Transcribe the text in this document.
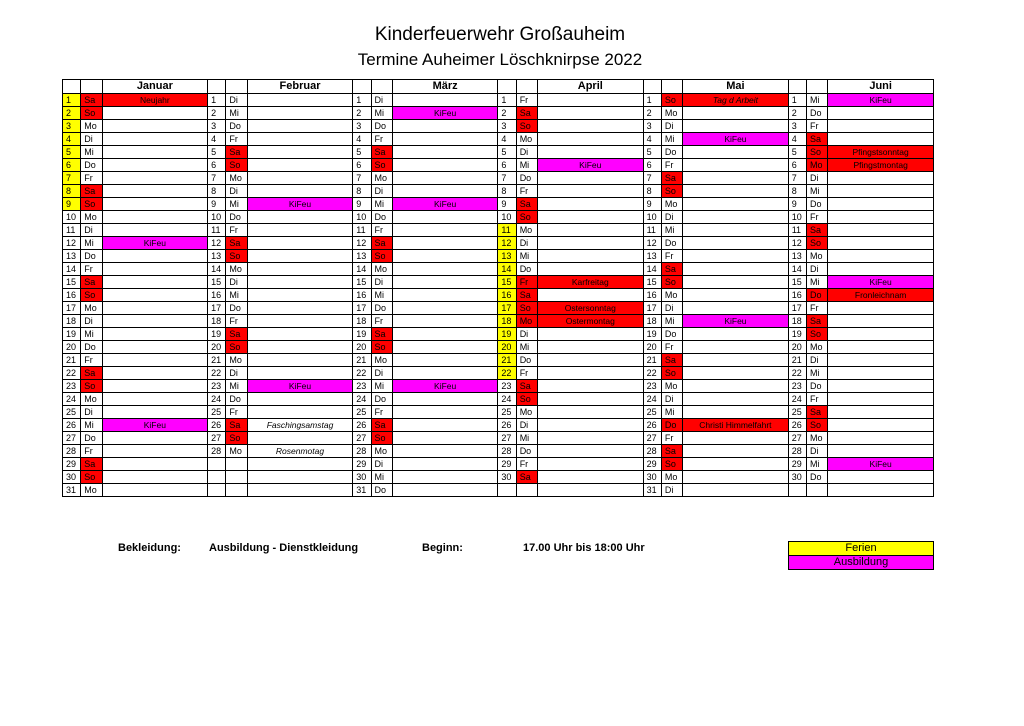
Kinderfeuerwehr Großauheim
Termine Auheimer Löschknirpse 2022
		Januar			Februar			März			April			Mai			Juni
1	Sa	Neujahr	1	Di		1	Di		1	Fr		1	So	Tag d Arbeit	1	Mi	KiFeu
2	So		2	Mi		2	Mi	KiFeu	2	Sa		2	Mo		2	Do	
3	Mo		3	Do		3	Do		3	So		3	Di		3	Fr	
4	Di		4	Fr		4	Fr		4	Mo		4	Mi	KiFeu	4	Sa	
5	Mi		5	Sa		5	Sa		5	Di		5	Do		5	So	Pfingstsonntag
6	Do		6	So		6	So		6	Mi	KiFeu	6	Fr		6	Mo	Pfingstmontag
7	Fr		7	Mo		7	Mo		7	Do		7	Sa		7	Di	
8	Sa		8	Di		8	Di		8	Fr		8	So		8	Mi	
9	So		9	Mi	KiFeu	9	Mi	KiFeu	9	Sa		9	Mo		9	Do	
10	Mo		10	Do		10	Do		10	So		10	Di		10	Fr	
11	Di		11	Fr		11	Fr		11	Mo		11	Mi		11	Sa	
12	Mi	KiFeu	12	Sa		12	Sa		12	Di		12	Do		12	So	
13	Do		13	So		13	So		13	Mi		13	Fr		13	Mo	
14	Fr		14	Mo		14	Mo		14	Do		14	Sa		14	Di	
15	Sa		15	Di		15	Di		15	Fr	Karfreitag	15	So		15	Mi	KiFeu
16	So		16	Mi		16	Mi		16	Sa		16	Mo		16	Do	Fronleichnam
17	Mo		17	Do		17	Do		17	So	Ostersonntag	17	Di		17	Fr	
18	Di		18	Fr		18	Fr		18	Mo	Ostermontag	18	Mi	KiFeu	18	Sa	
19	Mi		19	Sa		19	Sa		19	Di		19	Do		19	So	
20	Do		20	So		20	So		20	Mi		20	Fr		20	Mo	
21	Fr		21	Mo		21	Mo		21	Do		21	Sa		21	Di	
22	Sa		22	Di		22	Di		22	Fr		22	So		22	Mi	
23	So		23	Mi	KiFeu	23	Mi	KiFeu	23	Sa		23	Mo		23	Do	
24	Mo		24	Do		24	Do		24	So		24	Di		24	Fr	
25	Di		25	Fr		25	Fr		25	Mo		25	Mi		25	Sa	
26	Mi	KiFeu	26	Sa	Faschingsamstag	26	Sa		26	Di		26	Do	Christi Himmelfahrt	26	So	
27	Do		27	So		27	So		27	Mi		27	Fr		27	Mo	
28	Fr		28	Mo	Rosenmotag	28	Mo		28	Do		28	Sa		28	Di	
29	Sa					29	Di		29	Fr		29	So		29	Mi	KiFeu
30	So					30	Mi		30	Sa		30	Mo		30	Do	
31	Mo					31	Do					31	Di				
Bekleidung:	Ausbildung - Dienstkleidung	Beginn:	17.00 Uhr bis 18:00 Uhr	Ferien
Ausbildung
